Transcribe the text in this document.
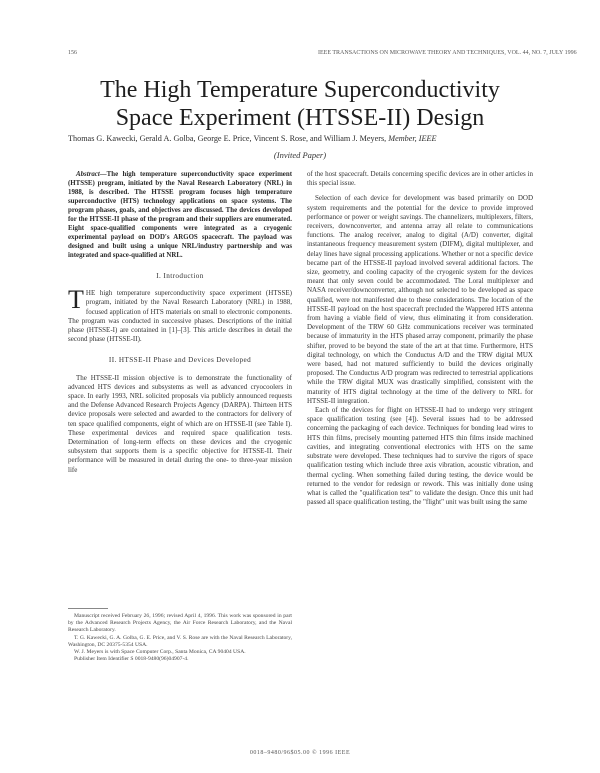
156	IEEE TRANSACTIONS ON MICROWAVE THEORY AND TECHNIQUES, VOL. 44, NO. 7, JULY 1996
The High Temperature Superconductivity
Space Experiment (HTSSE-II) Design
Thomas G. Kawecki, Gerald A. Golba, George E. Price, Vincent S. Rose, and William J. Meyers, Member, IEEE
(Invited Paper)

Abstract—The high temperature superconductivity space experiment (HTSSE) program, initiated by the Naval Research Laboratory (NRL) in 1988, is described. The HTSSE program focuses high temperature superconductive (HTS) technology applications on space systems. The program phases, goals, and objectives are discussed. The devices developed for the HTSSE-II phase of the program and their suppliers are enumerated. Eight space-qualified components were integrated as a cryogenic experimental payload on DOD's ARGOS spacecraft. The payload was designed and built using a unique NRL/industry partnership and was integrated and space-qualified at NRL.

I. Introduction

THE high temperature superconductivity space experiment (HTSSE) program, initiated by the Naval Research Laboratory (NRL) in 1988, focused application of HTS materials on small to electronic components. The program was conducted in successive phases. Descriptions of the initial phase (HTSSE-I) are contained in [1]–[3]. This article describes in detail the second phase (HTSSE-II).

II. HTSSE-II Phase and Devices Developed

The HTSSE-II mission objective is to demonstrate the functionality of advanced HTS devices and subsystems as well as advanced cryocoolers in space. In early 1993, NRL solicited proposals via publicly announced requests and the Defense Advanced Research Projects Agency (DARPA). Thirteen HTS device proposals were selected and awarded to the contractors for delivery of ten space qualified components, eight of which are on HTSSE-II (see Table I). These experimental devices and required space qualification tests. Determination of long-term effects on these devices and the cryogenic subsystem that supports them is a specific objective for HTSSE-II. Their performance will be measured in detail during the one- to three-year mission life

Manuscript received February 26, 1996; revised April 4, 1996. This work was sponsored in part by the Advanced Research Projects Agency, the Air Force Research Laboratory, and the Naval Research Laboratory.

T. G. Kawecki, G. A. Golba, G. E. Price, and V. S. Rose are with the Naval Research Laboratory, Washington, DC 20375-5354 USA.

W. J. Meyers is with Space Computer Corp., Santa Monica, CA 90404 USA.

Publisher Item Identifier S 0018-9480(96)04907-4.

of the host spacecraft. Details concerning specific devices are in other articles in this special issue.

Selection of each device for development was based primarily on DOD system requirements and the potential for the device to provide improved performance or power or weight savings. The channelizers, multiplexers, filters, receivers, downconverter, and antenna array all relate to communications functions. The analog receiver, analog to digital (A/D) converter, digital instantaneous frequency measurement system (DIFM), digital multiplexer, and delay lines have signal processing applications. Whether or not a specific device became part of the HTSSE-II payload involved several additional factors. The size, geometry, and cooling capacity of the cryogenic system for the devices meant that only seven could be accommodated. The Loral multiplexer and NASA receiver/downconverter, although not selected to be developed as space qualified, were not manifested due to these considerations. The location of the HTSSE-II payload on the host spacecraft precluded the Wappered HTS antenna from having a viable field of view, thus eliminating it from consideration. Development of the TRW 60 GHz communications receiver was terminated because of immaturity in the HTS phased array component, primarily the phase shifter, proved to be beyond the state of the art at that time. Furthermore, HTS digital technology, on which the Conductus A/D and the TRW digital MUX were based, had not matured sufficiently to build the devices originally proposed. The Conductus A/D program was redirected to terrestrial applications while the TRW digital MUX was drastically simplified, consistent with the maturity of HTS digital technology at the time of the delivery to NRL for HTSSE-II integration.

Each of the devices for flight on HTSSE-II had to undergo very stringent space qualification testing (see [4]). Several issues had to be addressed concerning the packaging of each device. Techniques for bonding lead wires to HTS thin films, precisely mounting patterned HTS thin films inside machined cavities, and integrating conventional electronics with HTS on the same substrate were developed. These techniques had to survive the rigors of space qualification testing which include three axis vibration, acoustic vibration, and thermal cycling. When something failed during testing, the device would be returned to the vendor for redesign or rework. This was initially done using what is called the "qualification test" to validate the design. Once this unit had passed all space qualification testing, the "flight" unit was built using the same

0018–9480/96$05.00 © 1996 IEEE
